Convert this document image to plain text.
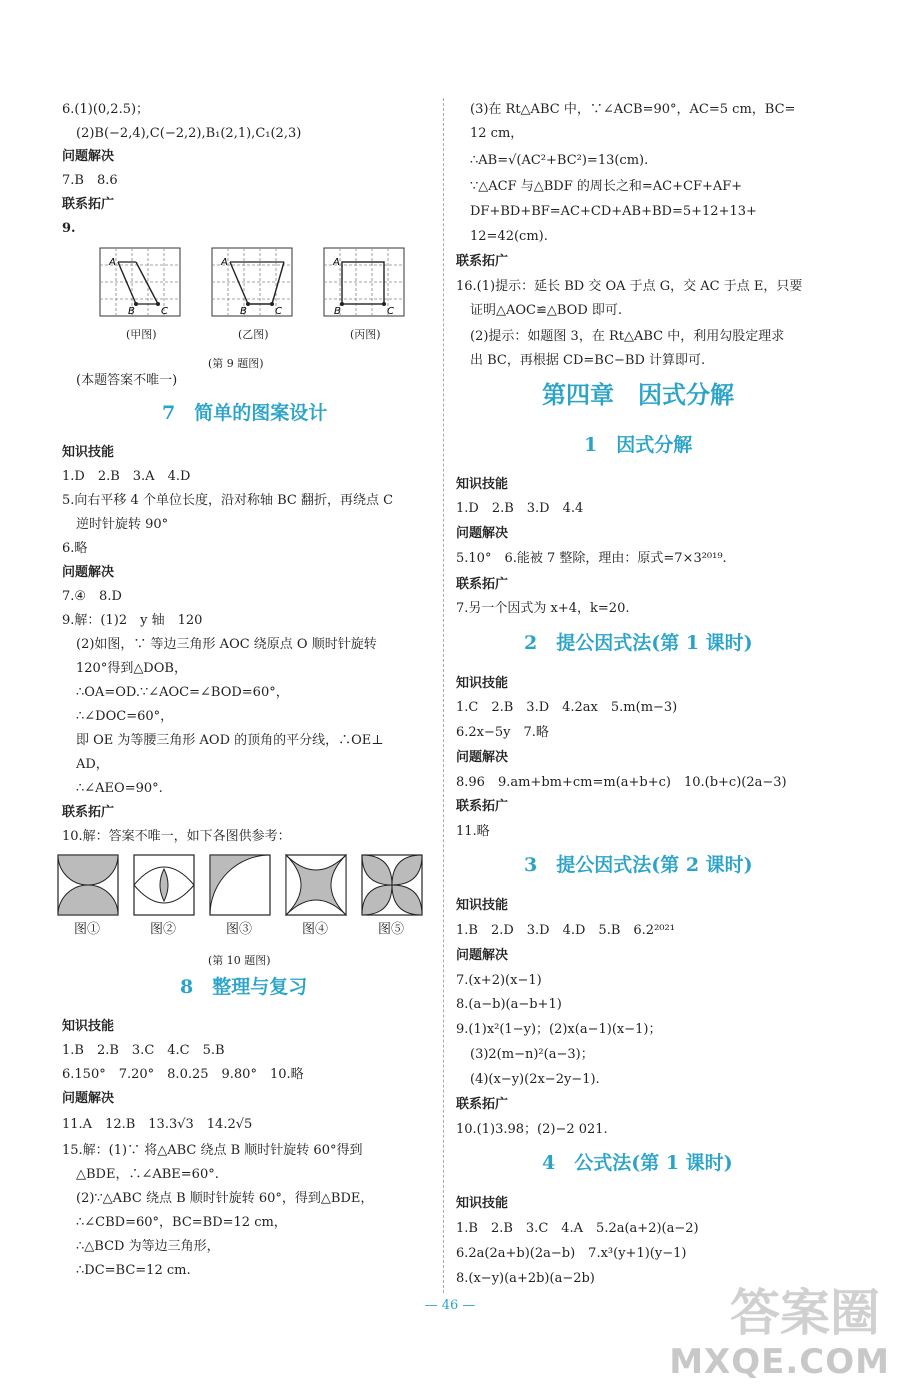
6.(1)(0,2.5)；
(2)B(−2,4),C(−2,2),B₁(2,1),C₁(2,3)
问题解决
7.B　8.6
联系拓广
9.
A
B	C
A
B	C
A
B	C
(甲图)	(乙图)	(丙图)
(第 9 题图)
(本题答案不唯一)
7　简单的图案设计
知识技能
1.D　2.B　3.A　4.D
5.向右平移 4 个单位长度，沿对称轴 BC 翻折，再绕点 C
逆时针旋转 90°
6.略
问题解决
7.④　8.D
9.解：(1)2　y 轴　120
(2)如图，∵ 等边三角形 AOC 绕原点 O 顺时针旋转
120°得到△DOB，
∴OA=OD.∵∠AOC=∠BOD=60°，
∴∠DOC=60°，
即 OE 为等腰三角形 AOD 的顶角的平分线，∴OE⊥
AD，
∴∠AEO=90°.
联系拓广
10.解：答案不唯一，如下各图供参考：
图①	图②	图③	图④	图⑤
(第 10 题图)
8　整理与复习
知识技能
1.B　2.B　3.C　4.C　5.B
6.150°　7.20°　8.0.25　9.80°　10.略
问题解决
11.A　12.B　13.3√3　14.2√5
15.解：(1)∵ 将△ABC 绕点 B 顺时针旋转 60°得到
△BDE，∴∠ABE=60°.
(2)∵△ABC 绕点 B 顺时针旋转 60°，得到△BDE，
∴∠CBD=60°，BC=BD=12 cm，
∴△BCD 为等边三角形，
∴DC=BC=12 cm.
(3)在 Rt△ABC 中，∵∠ACB=90°，AC=5 cm，BC=
12 cm，
∴AB=√(AC²+BC²)=13(cm).
∵△ACF 与△BDF 的周长之和=AC+CF+AF+
DF+BD+BF=AC+CD+AB+BD=5+12+13+
12=42(cm).
联系拓广
16.(1)提示：延长 BD 交 OA 于点 G，交 AC 于点 E，只要
证明△AOC≌△BOD 即可.
(2)提示：如题图 3，在 Rt△ABC 中，利用勾股定理求
出 BC，再根据 CD=BC−BD 计算即可.
第四章　因式分解
1　因式分解
知识技能
1.D　2.B　3.D　4.4
问题解决
5.10°　6.能被 7 整除，理由：原式=7×3²⁰¹⁹.
联系拓广
7.另一个因式为 x+4，k=20.
2　提公因式法(第 1 课时)
知识技能
1.C　2.B　3.D　4.2ax　5.m(m−3)
6.2x−5y　7.略
问题解决
8.96　9.am+bm+cm=m(a+b+c)　10.(b+c)(2a−3)
联系拓广
11.略
3　提公因式法(第 2 课时)
知识技能
1.B　2.D　3.D　4.D　5.B　6.2²⁰²¹
问题解决
7.(x+2)(x−1)
8.(a−b)(a−b+1)
9.(1)x²(1−y)；(2)x(a−1)(x−1)；
(3)2(m−n)²(a−3)；
(4)(x−y)(2x−2y−1).
联系拓广
10.(1)3.98；(2)−2 021.
4　公式法(第 1 课时)
知识技能
1.B　2.B　3.C　4.A　5.2a(a+2)(a−2)
6.2a(2a+b)(2a−b)　7.x³(y+1)(y−1)
8.(x−y)(a+2b)(a−2b)
— 46 —	答案圈
MXQE.COM
